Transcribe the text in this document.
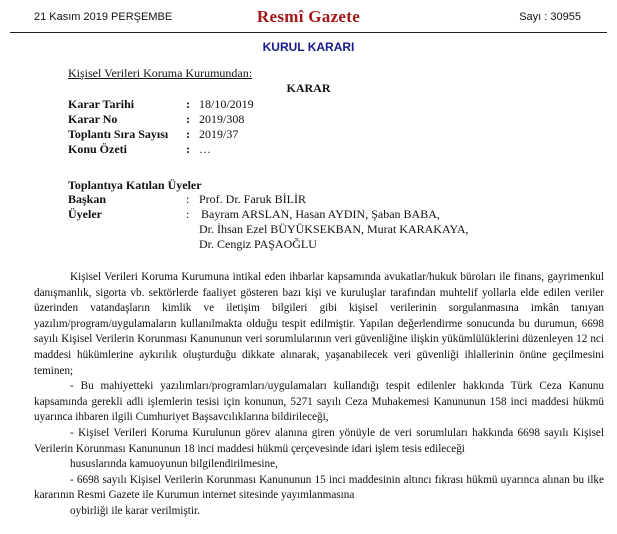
21 Kasım 2019 PERŞEMBE	Resmî Gazete	Sayı : 30955
KURUL KARARI
Kişisel Verileri Koruma Kurumundan:
KARAR
Karar Tarihi	: 18/10/2019
Karar No	: 2019/308
Toplantı Sıra Sayısı : 2019/37
Konu Özeti	: …
Toplantıya Katılan Üyeler
Başkan	: Prof. Dr. Faruk BİLİR
Üyeler	: Bayram ARSLAN, Hasan AYDIN, Şaban BABA,
Dr. İhsan Ezel BÜYÜKSEKBAN, Murat KARAKAYA,
Dr. Cengiz PAŞAOĞLU

Kişisel Verileri Koruma Kurumuna intikal eden ihbarlar kapsamında avukatlar/hukuk büroları ile finans, gayrimenkul danışmanlık, sigorta vb. sektörlerde faaliyet gösteren bazı kişi ve kuruluşlar tarafından muhtelif yollarla elde edilen veriler üzerinden vatandaşların kimlik ve iletişim bilgileri gibi kişisel verilerinin sorgulanmasına imkân tanıyan yazılım/program/uygulamaların kullanılmakta olduğu tespit edilmiştir. Yapılan değerlendirme sonucunda bu durumun, 6698 sayılı Kişisel Verilerin Korunması Kanununun veri sorumlularının veri güvenliğine ilişkin yükümlülüklerini düzenleyen 12 nci maddesi hükümlerine aykırılık oluşturduğu dikkate alınarak, yaşanabilecek veri güvenliği ihlallerinin önüne geçilmesini teminen;

- Bu mahiyetteki yazılımları/programları/uygulamaları kullandığı tespit edilenler hakkında Türk Ceza Kanunu kapsamında gerekli adli işlemlerin tesisi için konunun, 5271 sayılı Ceza Muhakemesi Kanununun 158 inci maddesi hükmü uyarınca ihbaren ilgili Cumhuriyet Başsavcılıklarına bildirileceği,

- Kişisel Verileri Koruma Kurulunun görev alanına giren yönüyle de veri sorumluları hakkında 6698 sayılı Kişisel Verilerin Korunması Kanununun 18 inci maddesi hükmü çerçevesinde idari işlem tesis edileceği

hususlarında kamuoyunun bilgilendirilmesine,

- 6698 sayılı Kişisel Verilerin Korunması Kanununun 15 inci maddesinin altıncı fıkrası hükmü uyarınca alınan bu ilke kararının Resmi Gazete ile Kurumun internet sitesinde yayımlanmasına

oybirliği ile karar verilmiştir.
